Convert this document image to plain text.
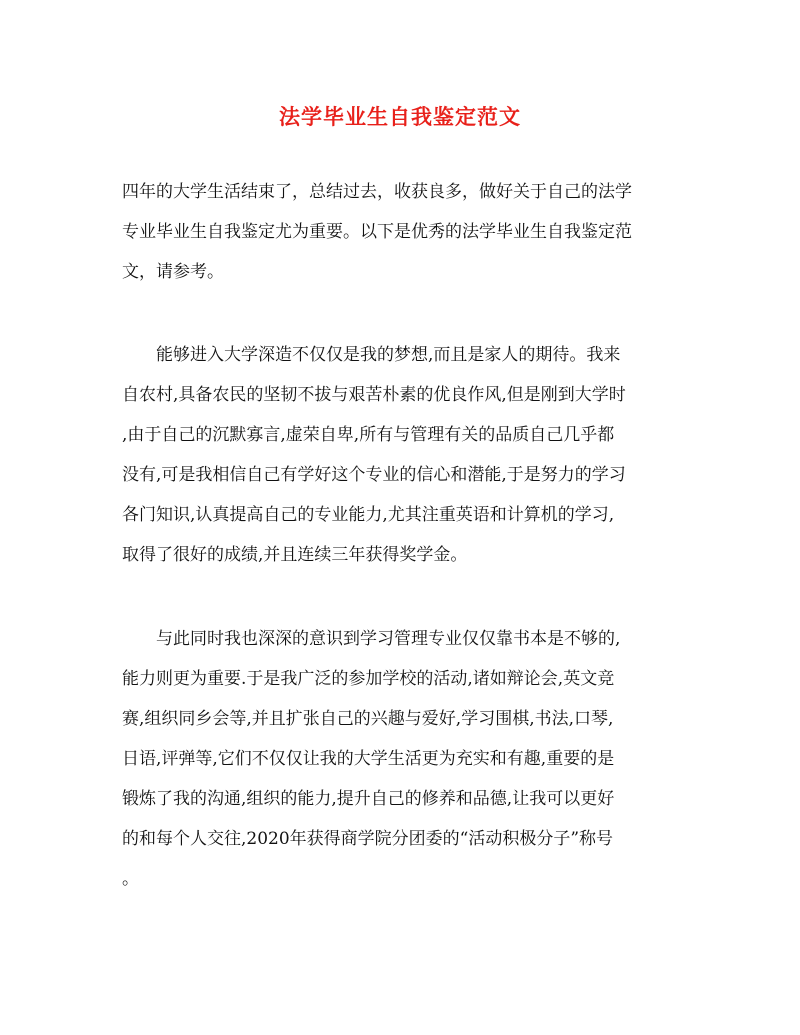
法学毕业生自我鉴定范文

四年的大学生活结束了，总结过去，收获良多，做好关于自己的法学

专业毕业生自我鉴定尤为重要。以下是优秀的法学毕业生自我鉴定范

文，请参考。

能够进入大学深造不仅仅是我的梦想,而且是家人的期待。我来

自农村,具备农民的坚韧不拔与艰苦朴素的优良作风,但是刚到大学时

,由于自己的沉默寡言,虚荣自卑,所有与管理有关的品质自己几乎都

没有,可是我相信自己有学好这个专业的信心和潜能,于是努力的学习

各门知识,认真提高自己的专业能力,尤其注重英语和计算机的学习,

取得了很好的成绩,并且连续三年获得奖学金。

与此同时我也深深的意识到学习管理专业仅仅靠书本是不够的,

能力则更为重要.于是我广泛的参加学校的活动,诸如辩论会,英文竞

赛,组织同乡会等,并且扩张自己的兴趣与爱好,学习围棋,书法,口琴,

日语,评弹等,它们不仅仅让我的大学生活更为充实和有趣,重要的是

锻炼了我的沟通,组织的能力,提升自己的修养和品德,让我可以更好

的和每个人交往,2020年获得商学院分团委的“活动积极分子”称号

。
